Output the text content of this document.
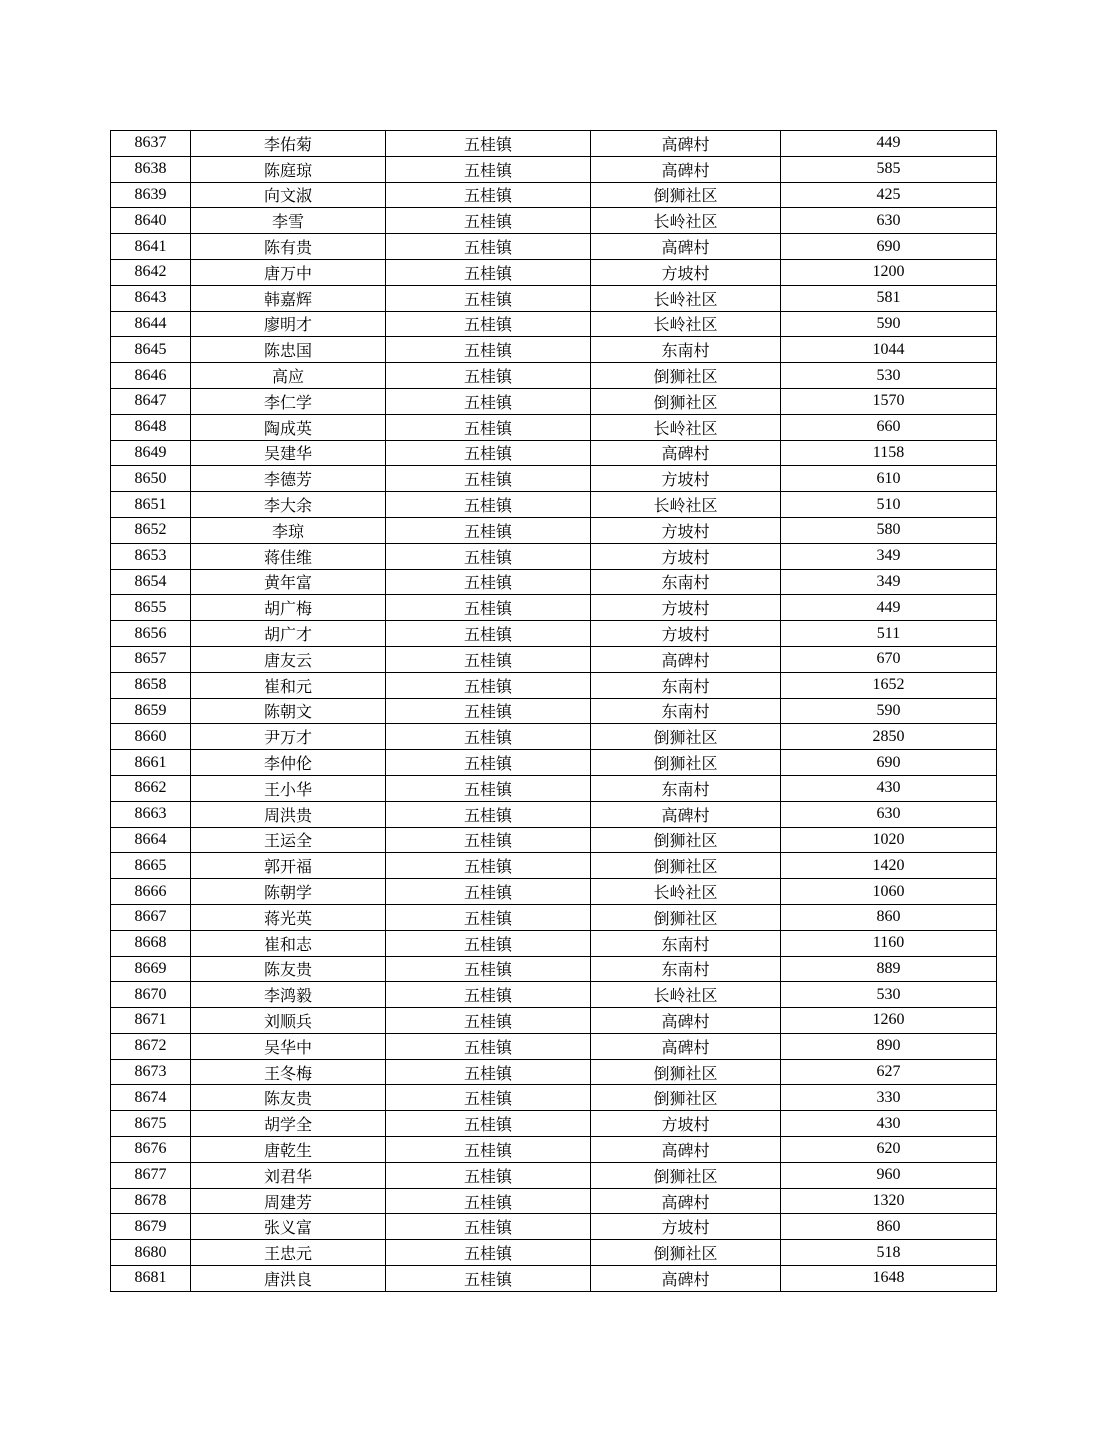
8637	李佑菊	五桂镇	高碑村	449
8638	陈庭琼	五桂镇	高碑村	585
8639	向文淑	五桂镇	倒狮社区	425
8640	李雪	五桂镇	长岭社区	630
8641	陈有贵	五桂镇	高碑村	690
8642	唐万中	五桂镇	方坡村	1200
8643	韩嘉辉	五桂镇	长岭社区	581
8644	廖明才	五桂镇	长岭社区	590
8645	陈忠国	五桂镇	东南村	1044
8646	高应	五桂镇	倒狮社区	530
8647	李仁学	五桂镇	倒狮社区	1570
8648	陶成英	五桂镇	长岭社区	660
8649	吴建华	五桂镇	高碑村	1158
8650	李德芳	五桂镇	方坡村	610
8651	李大余	五桂镇	长岭社区	510
8652	李琼	五桂镇	方坡村	580
8653	蒋佳维	五桂镇	方坡村	349
8654	黄年富	五桂镇	东南村	349
8655	胡广梅	五桂镇	方坡村	449
8656	胡广才	五桂镇	方坡村	511
8657	唐友云	五桂镇	高碑村	670
8658	崔和元	五桂镇	东南村	1652
8659	陈朝文	五桂镇	东南村	590
8660	尹万才	五桂镇	倒狮社区	2850
8661	李仲伦	五桂镇	倒狮社区	690
8662	王小华	五桂镇	东南村	430
8663	周洪贵	五桂镇	高碑村	630
8664	王运全	五桂镇	倒狮社区	1020
8665	郭开福	五桂镇	倒狮社区	1420
8666	陈朝学	五桂镇	长岭社区	1060
8667	蒋光英	五桂镇	倒狮社区	860
8668	崔和志	五桂镇	东南村	1160
8669	陈友贵	五桂镇	东南村	889
8670	李鸿毅	五桂镇	长岭社区	530
8671	刘顺兵	五桂镇	高碑村	1260
8672	吴华中	五桂镇	高碑村	890
8673	王冬梅	五桂镇	倒狮社区	627
8674	陈友贵	五桂镇	倒狮社区	330
8675	胡学全	五桂镇	方坡村	430
8676	唐乾生	五桂镇	高碑村	620
8677	刘君华	五桂镇	倒狮社区	960
8678	周建芳	五桂镇	高碑村	1320
8679	张义富	五桂镇	方坡村	860
8680	王忠元	五桂镇	倒狮社区	518
8681	唐洪良	五桂镇	高碑村	1648
